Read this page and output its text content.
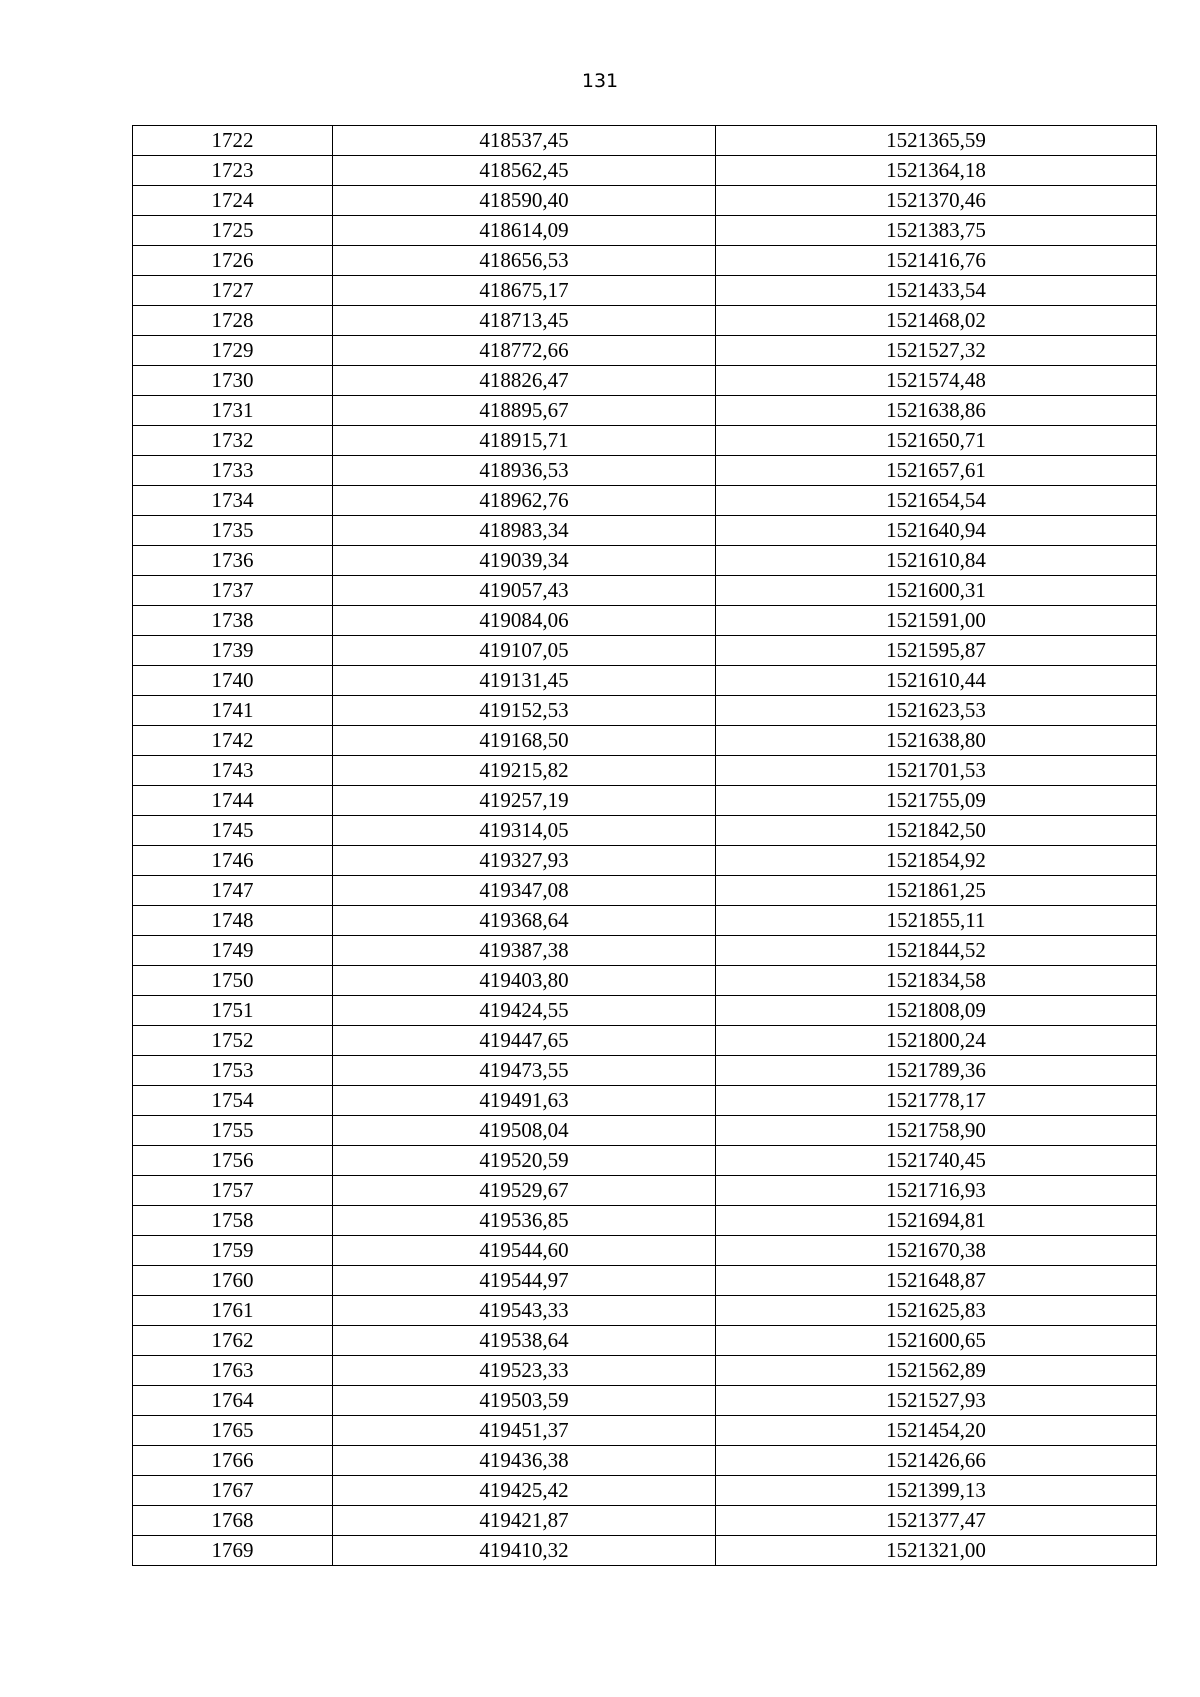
131
1722	418537,45	1521365,59
1723	418562,45	1521364,18
1724	418590,40	1521370,46
1725	418614,09	1521383,75
1726	418656,53	1521416,76
1727	418675,17	1521433,54
1728	418713,45	1521468,02
1729	418772,66	1521527,32
1730	418826,47	1521574,48
1731	418895,67	1521638,86
1732	418915,71	1521650,71
1733	418936,53	1521657,61
1734	418962,76	1521654,54
1735	418983,34	1521640,94
1736	419039,34	1521610,84
1737	419057,43	1521600,31
1738	419084,06	1521591,00
1739	419107,05	1521595,87
1740	419131,45	1521610,44
1741	419152,53	1521623,53
1742	419168,50	1521638,80
1743	419215,82	1521701,53
1744	419257,19	1521755,09
1745	419314,05	1521842,50
1746	419327,93	1521854,92
1747	419347,08	1521861,25
1748	419368,64	1521855,11
1749	419387,38	1521844,52
1750	419403,80	1521834,58
1751	419424,55	1521808,09
1752	419447,65	1521800,24
1753	419473,55	1521789,36
1754	419491,63	1521778,17
1755	419508,04	1521758,90
1756	419520,59	1521740,45
1757	419529,67	1521716,93
1758	419536,85	1521694,81
1759	419544,60	1521670,38
1760	419544,97	1521648,87
1761	419543,33	1521625,83
1762	419538,64	1521600,65
1763	419523,33	1521562,89
1764	419503,59	1521527,93
1765	419451,37	1521454,20
1766	419436,38	1521426,66
1767	419425,42	1521399,13
1768	419421,87	1521377,47
1769	419410,32	1521321,00
